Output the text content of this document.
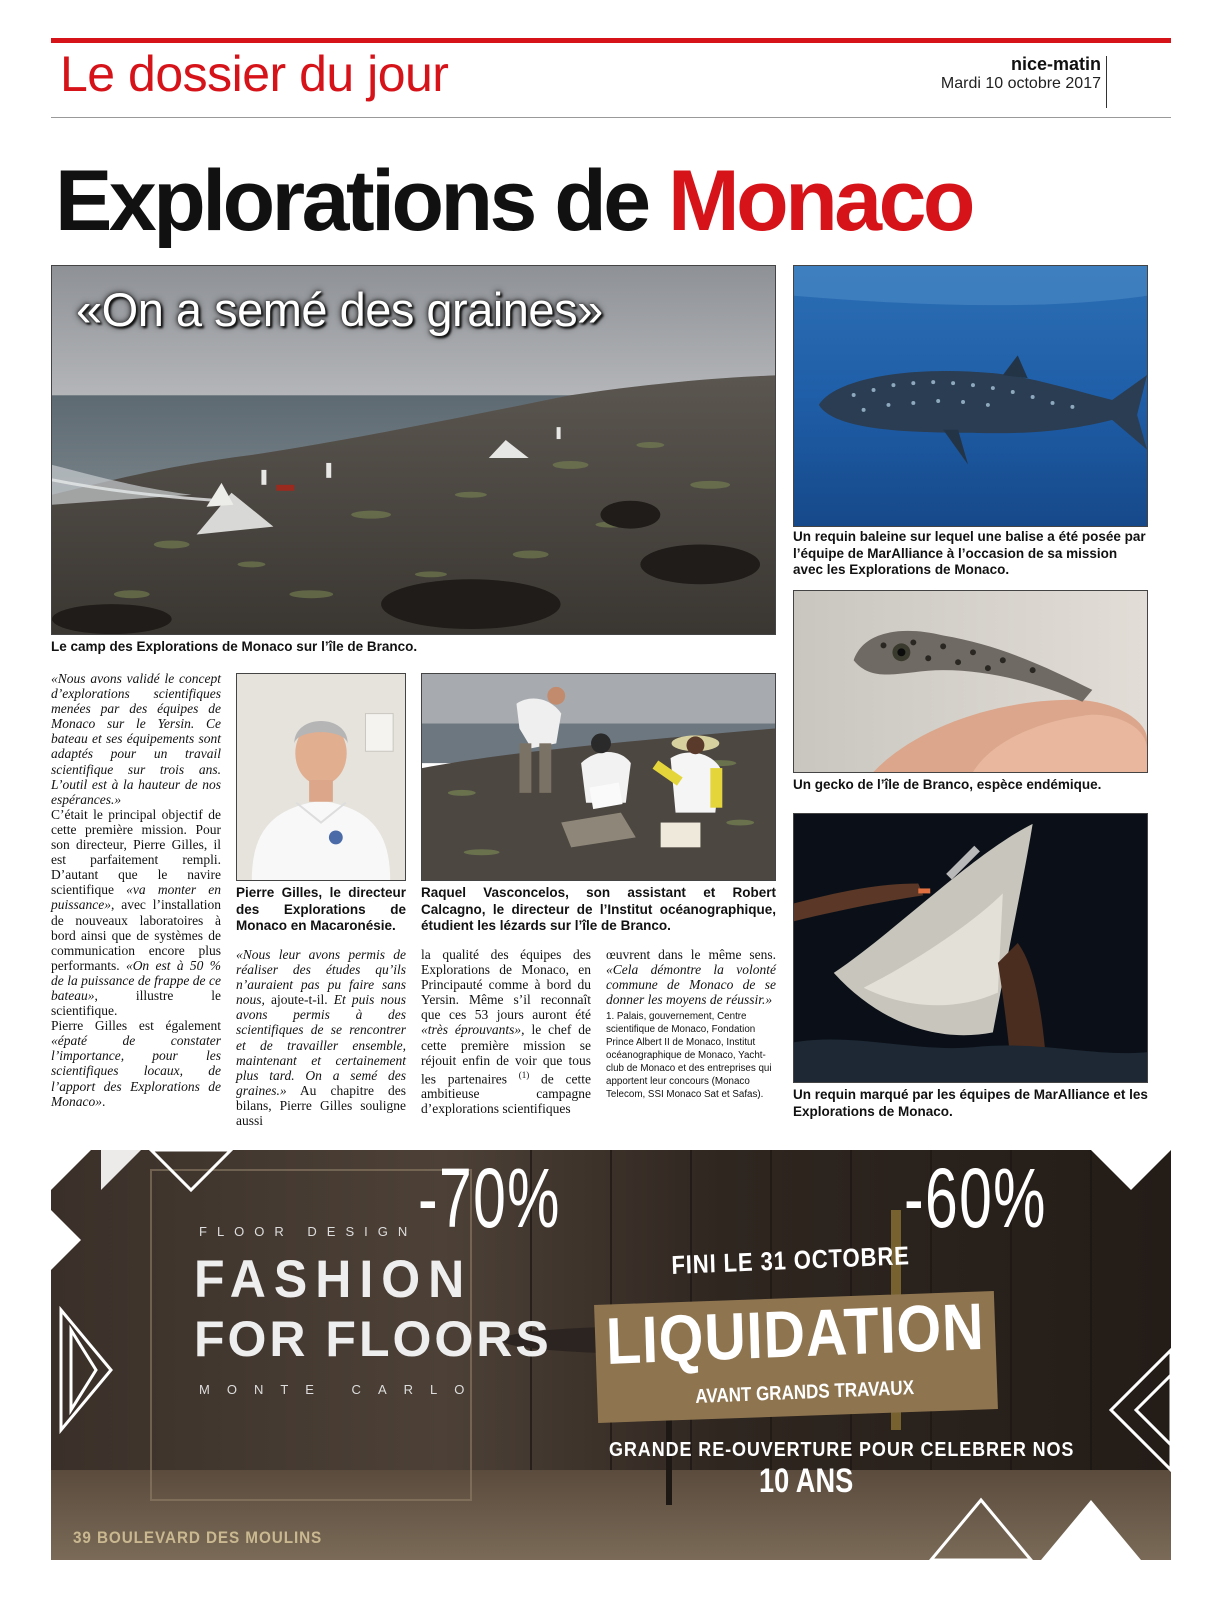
Le dossier du jour	nice-matin
Mardi 10 octobre 2017
Explorations de Monaco
«On a semé des graines»
Le camp des Explorations de Monaco sur l’île de Branco.
Un requin baleine sur lequel une balise a été posée par l’équipe de MarAlliance à l’occasion de sa mission avec les Explorations de Monaco.
Un gecko de l’île de Branco, espèce endémique.
Un requin marqué par les équipes de MarAlliance et les Explorations de Monaco.
Pierre Gilles, le directeur des Explorations de Monaco en Macaronésie.
Raquel Vasconcelos, son assistant et Robert Calcagno, le directeur de l’Institut océanographique, étudient les lézards sur l’île de Branco.

«Nous avons validé le concept d’explorations scientifiques menées par des équipes de Monaco sur le Yersin. Ce bateau et ses équipements sont adaptés pour un travail scientifique sur trois ans. L’outil est à la hauteur de nos espérances.»

C’était le principal objectif de cette première mission. Pour son directeur, Pierre Gilles, il est parfaitement rempli. D’autant que le navire scientifique «va monter en puissance», avec l’installation de nouveaux laboratoires à bord ainsi que de systèmes de communication encore plus performants. «On est à 50 % de la puissance de frappe de ce bateau», illustre le scientifique.

Pierre Gilles est également «épaté de constater l’importance, pour les scientifiques locaux, de l’apport des Explorations de Monaco».

«Nous leur avons permis de réaliser des études qu’ils n’auraient pas pu faire sans nous, ajoute-t-il. Et puis nous avons permis à des scientifiques de se rencontrer et de travailler ensemble, maintenant et certainement plus tard. On a semé des graines.» Au chapitre des bilans, Pierre Gilles souligne aussi

la qualité des équipes des Explorations de Monaco, en Principauté comme à bord du Yersin. Même s’il reconnaît que ces 53 jours auront été «très éprouvants», le chef de cette première mission se réjouit enfin de voir que tous les partenaires $^{(1)}$ de cette ambitieuse campagne d’explorations scientifiques

œuvrent dans le même sens. «Cela démontre la volonté commune de Monaco de se donner les moyens de réussir.»

1. Palais, gouvernement, Centre scientifique de Monaco, Fondation Prince Albert II de Monaco, Institut océanographique de Monaco, Yacht-club de Monaco et des entreprises qui apportent leur concours (Monaco Telecom, SSI Monaco Sat et Safas).

FLOOR DESIGN
FASHION
FOR FLOORS
MONTE CARLO
-70%	-60%
FINI LE 31 OCTOBRE
LIQUIDATION
AVANT GRANDS TRAVAUX
GRANDE RE-OUVERTURE POUR CELEBRER NOS
10 ANS
39 BOULEVARD DES MOULINS
